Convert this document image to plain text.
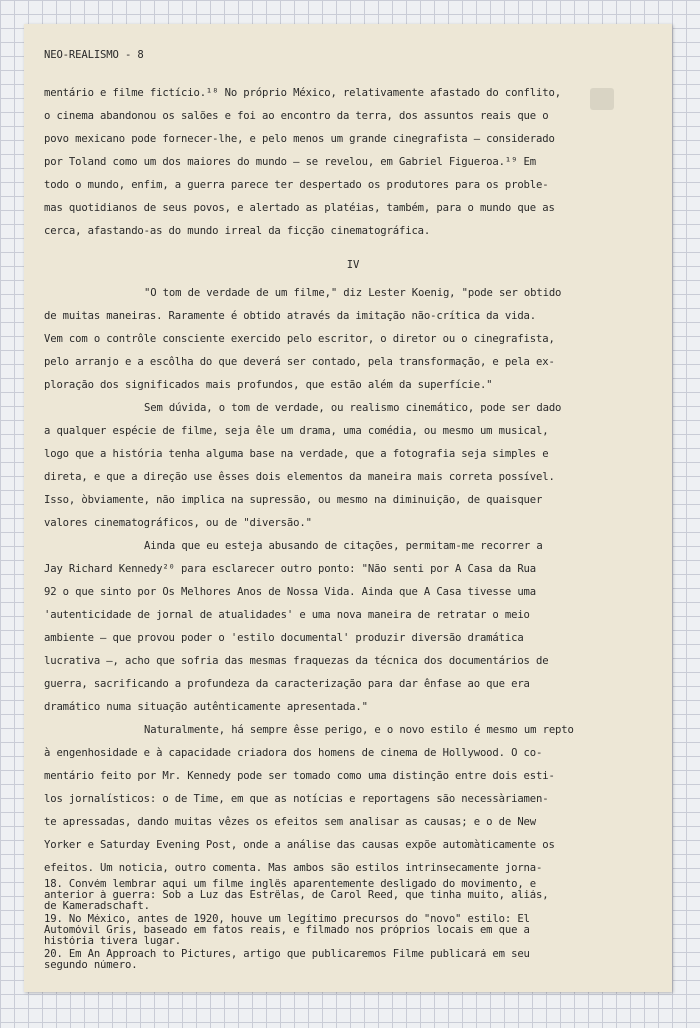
NEO-REALISMO - 8
mentário e filme fictício.¹⁸ No próprio México, relativamente afastado do conflito,
o cinema abandonou os salões e foi ao encontro da terra, dos assuntos reais que o
povo mexicano pode fornecer-lhe, e pelo menos um grande cinegrafista — considerado
por Toland como um dos maiores do mundo — se revelou, em Gabriel Figueroa.¹⁹ Em
todo o mundo, enfim, a guerra parece ter despertado os produtores para os proble-
mas quotidianos de seus povos, e alertado as platéias, também, para o mundo que as
cerca, afastando-as do mundo irreal da ficção cinematográfica.
IV
"O tom de verdade de um filme," diz Lester Koenig, "pode ser obtido
de muitas maneiras. Raramente é obtido através da imitação não-crítica da vida.
Vem com o contrôle consciente exercido pelo escritor, o diretor ou o cinegrafista,
pelo arranjo e a escôlha do que deverá ser contado, pela transformação, e pela ex-
ploração dos significados mais profundos, que estão além da superfície."
Sem dúvida, o tom de verdade, ou realismo cinemático, pode ser dado
a qualquer espécie de filme, seja êle um drama, uma comédia, ou mesmo um musical,
logo que a história tenha alguma base na verdade, que a fotografia seja simples e
direta, e que a direção use êsses dois elementos da maneira mais correta possível.
Isso, òbviamente, não implica na supressão, ou mesmo na diminuição, de quaisquer
valores cinematográficos, ou de "diversão."
Ainda que eu esteja abusando de citações, permitam-me recorrer a
Jay Richard Kennedy²⁰ para esclarecer outro ponto: "Não senti por A Casa da Rua
92 o que sinto por Os Melhores Anos de Nossa Vida. Ainda que A Casa tivesse uma
'autenticidade de jornal de atualidades' e uma nova maneira de retratar o meio
ambiente — que provou poder o 'estilo documental' produzir diversão dramática
lucrativa —, acho que sofria das mesmas fraquezas da técnica dos documentários de
guerra, sacrificando a profundeza da caracterização para dar ênfase ao que era
dramático numa situação autênticamente apresentada."
Naturalmente, há sempre êsse perigo, e o novo estilo é mesmo um repto
à engenhosidade e à capacidade criadora dos homens de cinema de Hollywood. O co-
mentário feito por Mr. Kennedy pode ser tomado como uma distinção entre dois esti-
los jornalísticos: o de Time, em que as notícias e reportagens são necessàriamen-
te apressadas, dando muitas vêzes os efeitos sem analisar as causas; e o de New
Yorker e Saturday Evening Post, onde a análise das causas expõe automàticamente os
efeitos. Um noticia, outro comenta. Mas ambos são estilos intrinsecamente jorna-
18. Convém lembrar aqui um filme inglês aparentemente desligado do movimento, e
anterior à guerra: Sob a Luz das Estrêlas, de Carol Reed, que tinha muito, aliás,
de Kameradschaft.
19. No México, antes de 1920, houve um legítimo precursos do "novo" estilo: El
Automóvil Gris, baseado em fatos reais, e filmado nos próprios locais em que a
história tivera lugar.
20. Em An Approach to Pictures, artigo que publicaremos Filme publicará em seu
segundo número.
